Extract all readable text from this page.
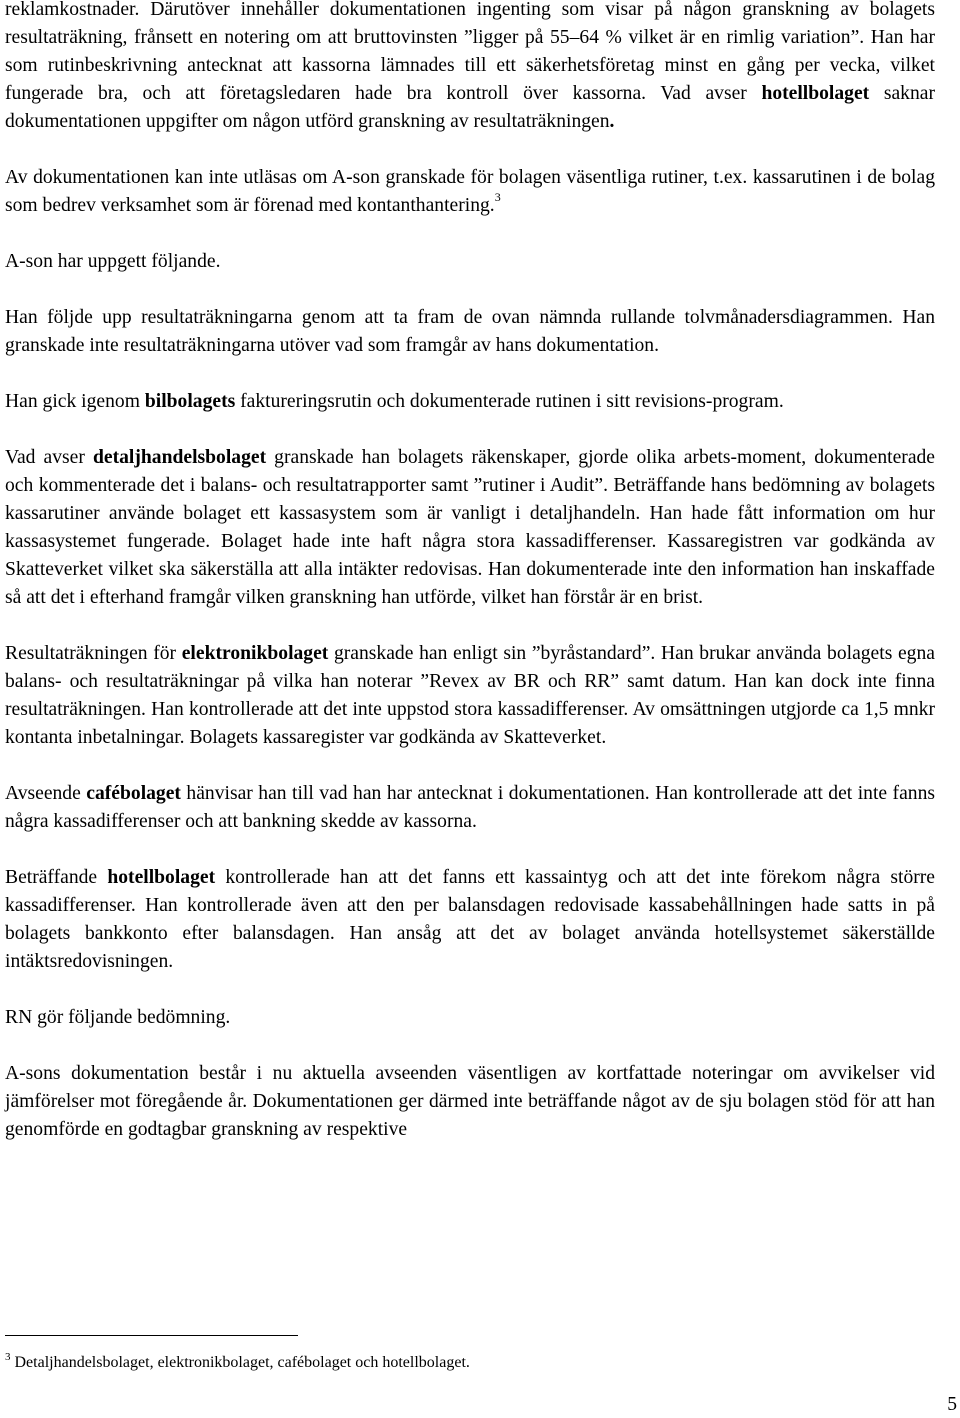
reklamkostnader. Därutöver innehåller dokumentationen ingenting som visar på någon granskning av bolagets resultaträkning, frånsett en notering om att bruttovinsten ”ligger på 55–64 % vilket är en rimlig variation”. Han har som rutinbeskrivning antecknat att kassorna lämnades till ett säkerhetsföretag minst en gång per vecka, vilket fungerade bra, och att företagsledaren hade bra kontroll över kassorna. Vad avser hotellbolaget saknar dokumentationen uppgifter om någon utförd granskning av resultaträkningen.

Av dokumentationen kan inte utläsas om A-son granskade för bolagen väsentliga rutiner, t.ex. kassarutinen i de bolag som bedrev verksamhet som är förenad med kontanthantering.$^3$

A-son har uppgett följande.

Han följde upp resultaträkningarna genom att ta fram de ovan nämnda rullande tolvmånadersdiagrammen. Han granskade inte resultaträkningarna utöver vad som framgår av hans dokumentation.

Han gick igenom bilbolagets faktureringsrutin och dokumenterade rutinen i sitt revisions-program.

Vad avser detaljhandelsbolaget granskade han bolagets räkenskaper, gjorde olika arbets-moment, dokumenterade och kommenterade det i balans- och resultatrapporter samt ”rutiner i Audit”. Beträffande hans bedömning av bolagets kassarutiner använde bolaget ett kassasystem som är vanligt i detaljhandeln. Han hade fått information om hur kassasystemet fungerade. Bolaget hade inte haft några stora kassadifferenser. Kassaregistren var godkända av Skatteverket vilket ska säkerställa att alla intäkter redovisas. Han dokumenterade inte den information han inskaffade så att det i efterhand framgår vilken granskning han utförde, vilket han förstår är en brist.

Resultaträkningen för elektronikbolaget granskade han enligt sin ”byråstandard”. Han brukar använda bolagets egna balans- och resultaträkningar på vilka han noterar ”Revex av BR och RR” samt datum. Han kan dock inte finna resultaträkningen. Han kontrollerade att det inte uppstod stora kassadifferenser. Av omsättningen utgjorde ca 1,5 mnkr kontanta inbetalningar. Bolagets kassaregister var godkända av Skatteverket.

Avseende cafébolaget hänvisar han till vad han har antecknat i dokumentationen. Han kontrollerade att det inte fanns några kassadifferenser och att bankning skedde av kassorna.

Beträffande hotellbolaget kontrollerade han att det fanns ett kassaintyg och att det inte förekom några större kassadifferenser. Han kontrollerade även att den per balansdagen redovisade kassabehållningen hade satts in på bolagets bankkonto efter balansdagen. Han ansåg att det av bolaget använda hotellsystemet säkerställde intäktsredovisningen.

RN gör följande bedömning.

A-sons dokumentation består i nu aktuella avseenden väsentligen av kortfattade noteringar om avvikelser vid jämförelser mot föregående år. Dokumentationen ger därmed inte beträffande något av de sju bolagen stöd för att han genomförde en godtagbar granskning av respektive

$^3$ Detaljhandelsbolaget, elektronikbolaget, cafébolaget och hotellbolaget.
5
